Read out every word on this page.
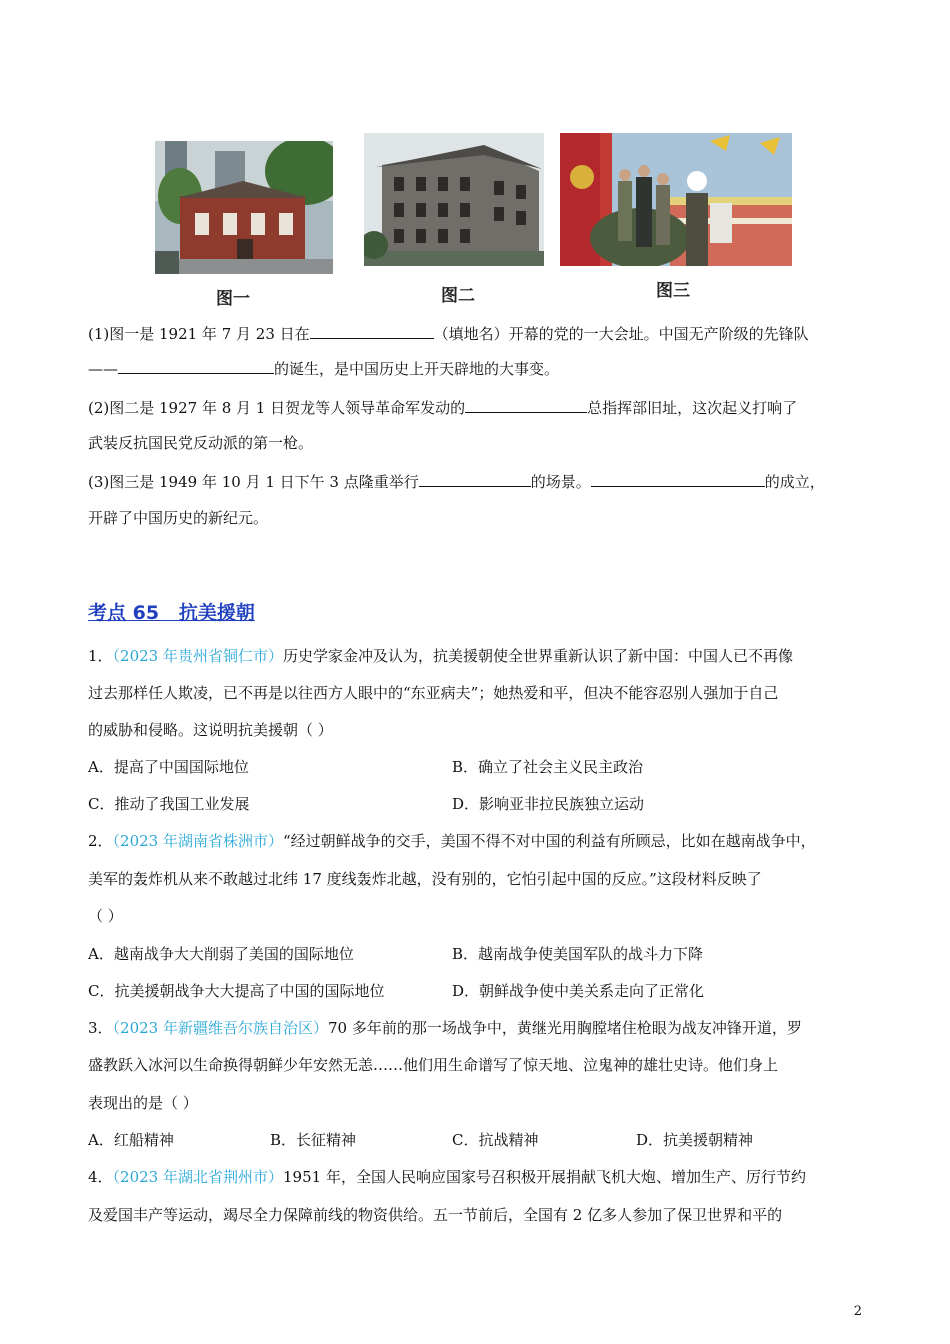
图一	图二	图三
(1)图一是 1921 年 7 月 23 日在	（填地名）开幕的党的一大会址。中国无产阶级的先锋队
——	的诞生，是中国历史上开天辟地的大事变。
(2)图二是 1927 年 8 月 1 日贺龙等人领导革命军发动的	总指挥部旧址，这次起义打响了
武装反抗国民党反动派的第一枪。
(3)图三是 1949 年 10 月 1 日下午 3 点隆重举行	的场景。	的成立，
开辟了中国历史的新纪元。
考点 65   抗美援朝
1．（2023 年贵州省铜仁市）历史学家金冲及认为，抗美援朝使全世界重新认识了新中国：中国人已不再像
过去那样任人欺凌，已不再是以往西方人眼中的“东亚病夫”；她热爱和平，但决不能容忍别人强加于自己
的威胁和侵略。这说明抗美援朝（ ）
A．提高了中国国际地位	B．确立了社会主义民主政治
C．推动了我国工业发展	D．影响亚非拉民族独立运动
2．（2023 年湖南省株洲市）“经过朝鲜战争的交手，美国不得不对中国的利益有所顾忌，比如在越南战争中，
美军的轰炸机从来不敢越过北纬 17 度线轰炸北越，没有别的，它怕引起中国的反应。”这段材料反映了
（ ）
A．越南战争大大削弱了美国的国际地位	B．越南战争使美国军队的战斗力下降
C．抗美援朝战争大大提高了中国的国际地位	D．朝鲜战争使中美关系走向了正常化
3．（2023 年新疆维吾尔族自治区）70 多年前的那一场战争中，黄继光用胸膛堵住枪眼为战友冲锋开道，罗
盛教跃入冰河以生命换得朝鲜少年安然无恙……他们用生命谱写了惊天地、泣鬼神的雄壮史诗。他们身上
表现出的是（ ）
A．红船精神	B．长征精神	C．抗战精神	D．抗美援朝精神
4．（2023 年湖北省荆州市）1951 年，全国人民响应国家号召积极开展捐献飞机大炮、增加生产、厉行节约
及爱国丰产等运动，竭尽全力保障前线的物资供给。五一节前后，全国有 2 亿多人参加了保卫世界和平的
2
